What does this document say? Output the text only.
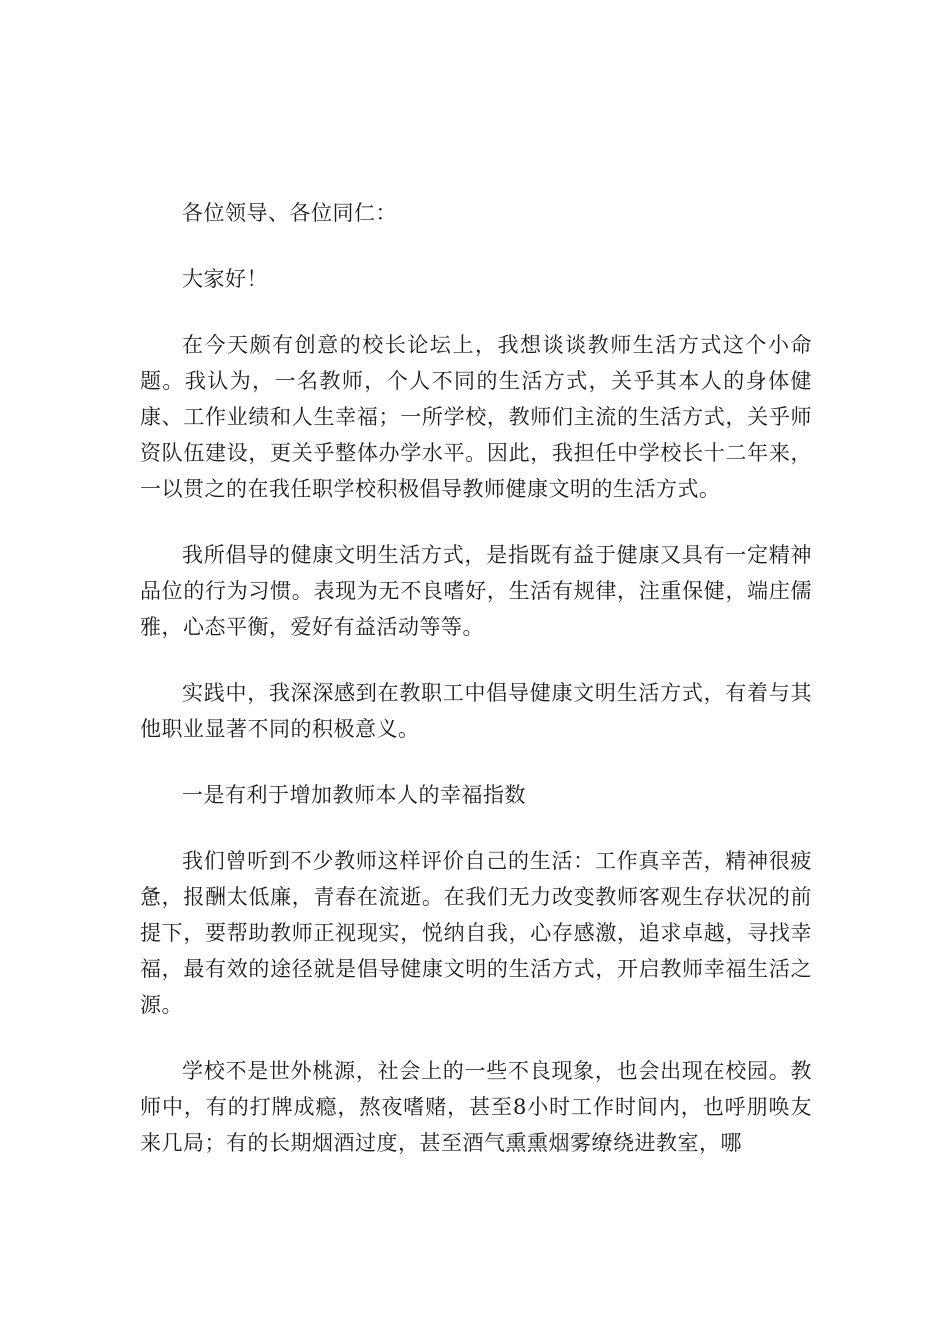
各位领导、各位同仁：

大家好！

在今天颇有创意的校长论坛上，我想谈谈教师生活方式这个小命题。我认为，一名教师，个人不同的生活方式，关乎其本人的身体健康、工作业绩和人生幸福；一所学校，教师们主流的生活方式，关乎师资队伍建设，更关乎整体办学水平。因此，我担任中学校长十二年来，一以贯之的在我任职学校积极倡导教师健康文明的生活方式。

我所倡导的健康文明生活方式，是指既有益于健康又具有一定精神品位的行为习惯。表现为无不良嗜好，生活有规律，注重保健，端庄儒雅，心态平衡，爱好有益活动等等。

实践中，我深深感到在教职工中倡导健康文明生活方式，有着与其他职业显著不同的积极意义。

一是有利于增加教师本人的幸福指数

我们曾听到不少教师这样评价自己的生活：工作真辛苦，精神很疲惫，报酬太低廉，青春在流逝。在我们无力改变教师客观生存状况的前提下，要帮助教师正视现实，悦纳自我，心存感激，追求卓越，寻找幸福，最有效的途径就是倡导健康文明的生活方式，开启教师幸福生活之源。

学校不是世外桃源，社会上的一些不良现象，也会出现在校园。教师中，有的打牌成瘾，熬夜嗜赌，甚至8小时工作时间内，也呼朋唤友来几局；有的长期烟酒过度，甚至酒气熏熏烟雾缭绕进教室，哪
